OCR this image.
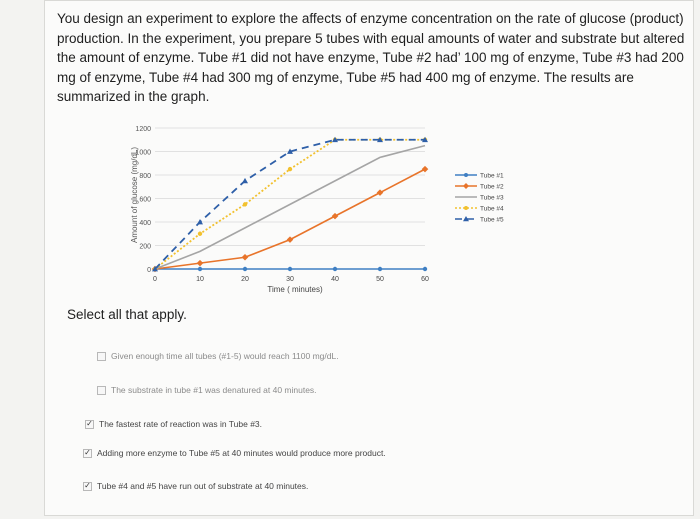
You design an experiment to explore the affects of enzyme concentration on the rate of glucose (product) production. In the experiment, you prepare 5 tubes with equal amounts of water and substrate but altered the amount of enzyme. Tube #1 did not have enzyme, Tube #2 had’ 100 mg of enzyme, Tube #3 had 200 mg of enzyme, Tube #4 had 300 mg of enzyme, Tube #5 had 400 mg of enzyme. The results are summarized in the graph.
0
200
400
600
800
1000
1200
0	10	20	30	40	50	60
Amount of glucose (mg/dL)
Time ( minutes)
Tube #1
Tube #2
Tube #3
Tube #4
Tube #5
Select all that apply.
Given enough time all tubes (#1-5) would reach 1100 mg/dL.
The substrate in tube #1 was denatured at 40 minutes.
✓ The fastest rate of reaction was in Tube #3.
✓ Adding more enzyme to Tube #5 at 40 minutes would produce more product.
✓ Tube #4 and #5 have run out of substrate at 40 minutes.
